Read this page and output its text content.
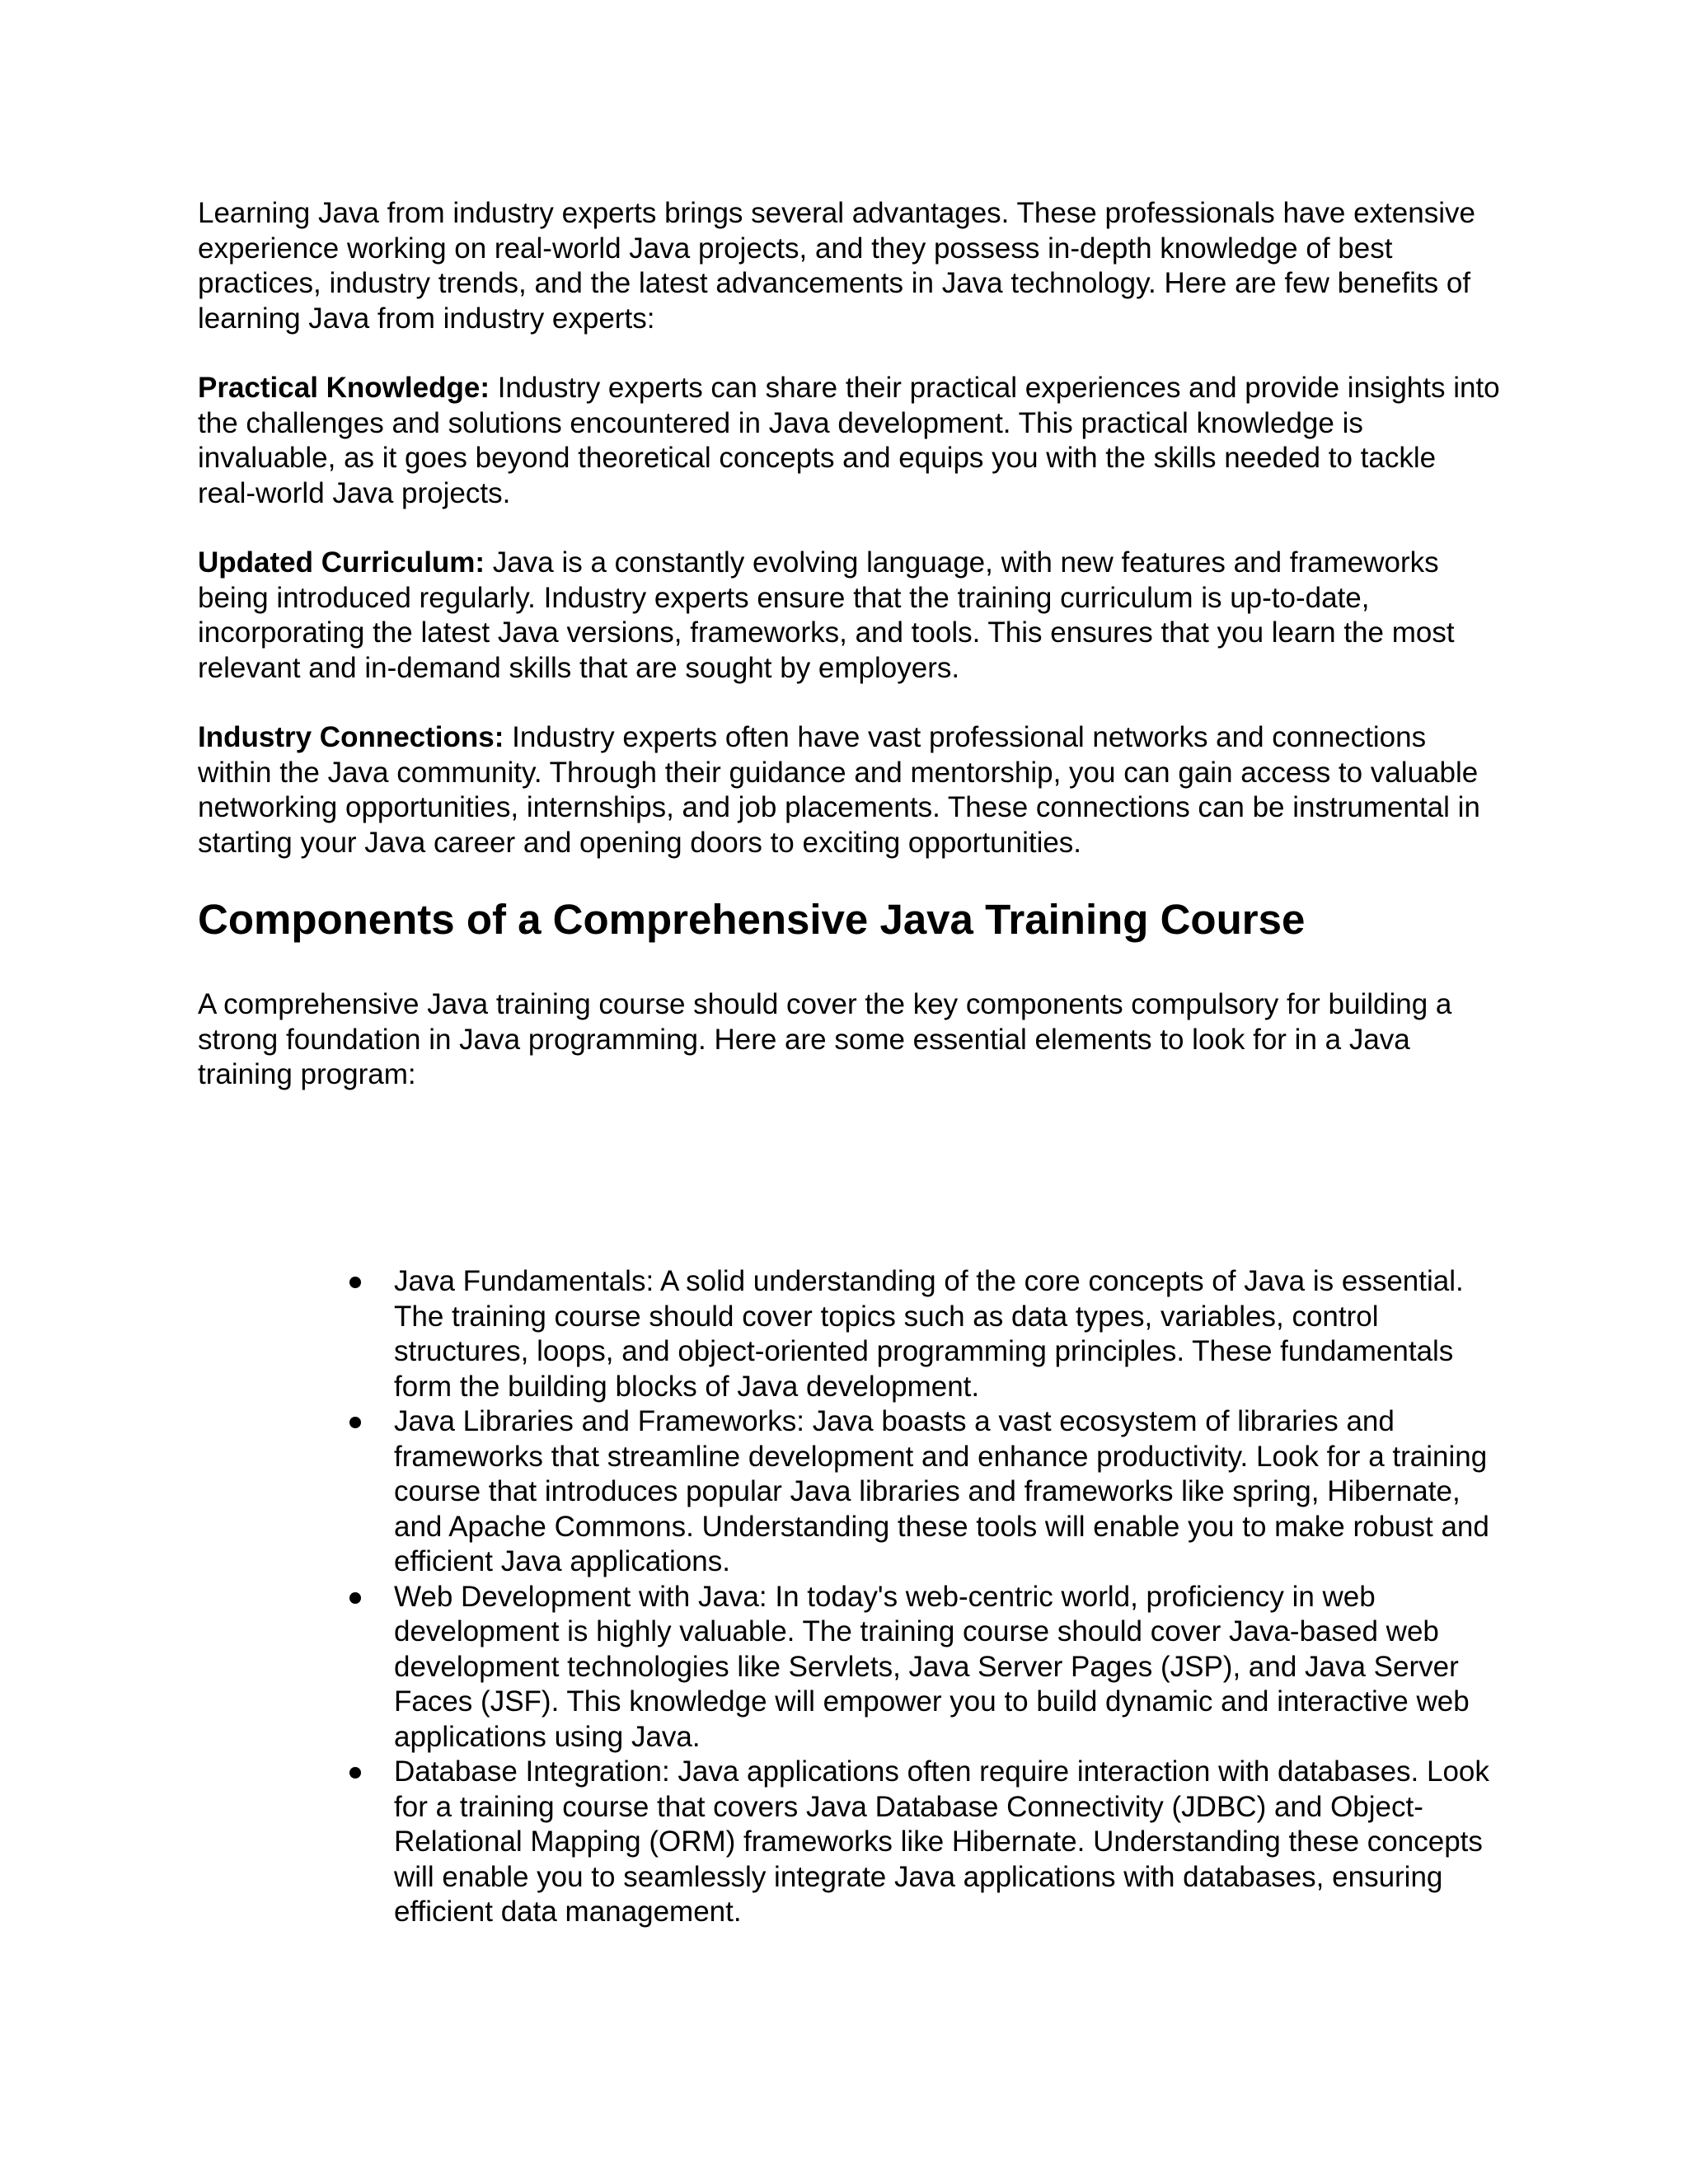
Learning Java from industry experts brings several advantages. These professionals have extensive experience working on real-world Java projects, and they possess in-depth knowledge of best practices, industry trends, and the latest advancements in Java technology. Here are few benefits of learning Java from industry experts:

Practical Knowledge: Industry experts can share their practical experiences and provide insights into the challenges and solutions encountered in Java development. This practical knowledge is invaluable, as it goes beyond theoretical concepts and equips you with the skills needed to tackle real-world Java projects.

Updated Curriculum: Java is a constantly evolving language, with new features and frameworks being introduced regularly. Industry experts ensure that the training curriculum is up-to-date, incorporating the latest Java versions, frameworks, and tools. This ensures that you learn the most relevant and in-demand skills that are sought by employers.

Industry Connections: Industry experts often have vast professional networks and connections within the Java community. Through their guidance and mentorship, you can gain access to valuable networking opportunities, internships, and job placements. These connections can be instrumental in starting your Java career and opening doors to exciting opportunities.

Components of a Comprehensive Java Training Course

A comprehensive Java training course should cover the key components compulsory for building a strong foundation in Java programming. Here are some essential elements to look for in a Java training program:

Java Fundamentals: A solid understanding of the core concepts of Java is essential. The training course should cover topics such as data types, variables, control structures, loops, and object-oriented programming principles. These fundamentals form the building blocks of Java development.
Java Libraries and Frameworks: Java boasts a vast ecosystem of libraries and frameworks that streamline development and enhance productivity. Look for a training course that introduces popular Java libraries and frameworks like spring, Hibernate, and Apache Commons. Understanding these tools will enable you to make robust and efficient Java applications.
Web Development with Java: In today's web-centric world, proficiency in web development is highly valuable. The training course should cover Java-based web development technologies like Servlets, Java Server Pages (JSP), and Java Server Faces (JSF). This knowledge will empower you to build dynamic and interactive web applications using Java.
Database Integration: Java applications often require interaction with databases. Look for a training course that covers Java Database Connectivity (JDBC) and Object-Relational Mapping (ORM) frameworks like Hibernate. Understanding these concepts will enable you to seamlessly integrate Java applications with databases, ensuring efficient data management.
